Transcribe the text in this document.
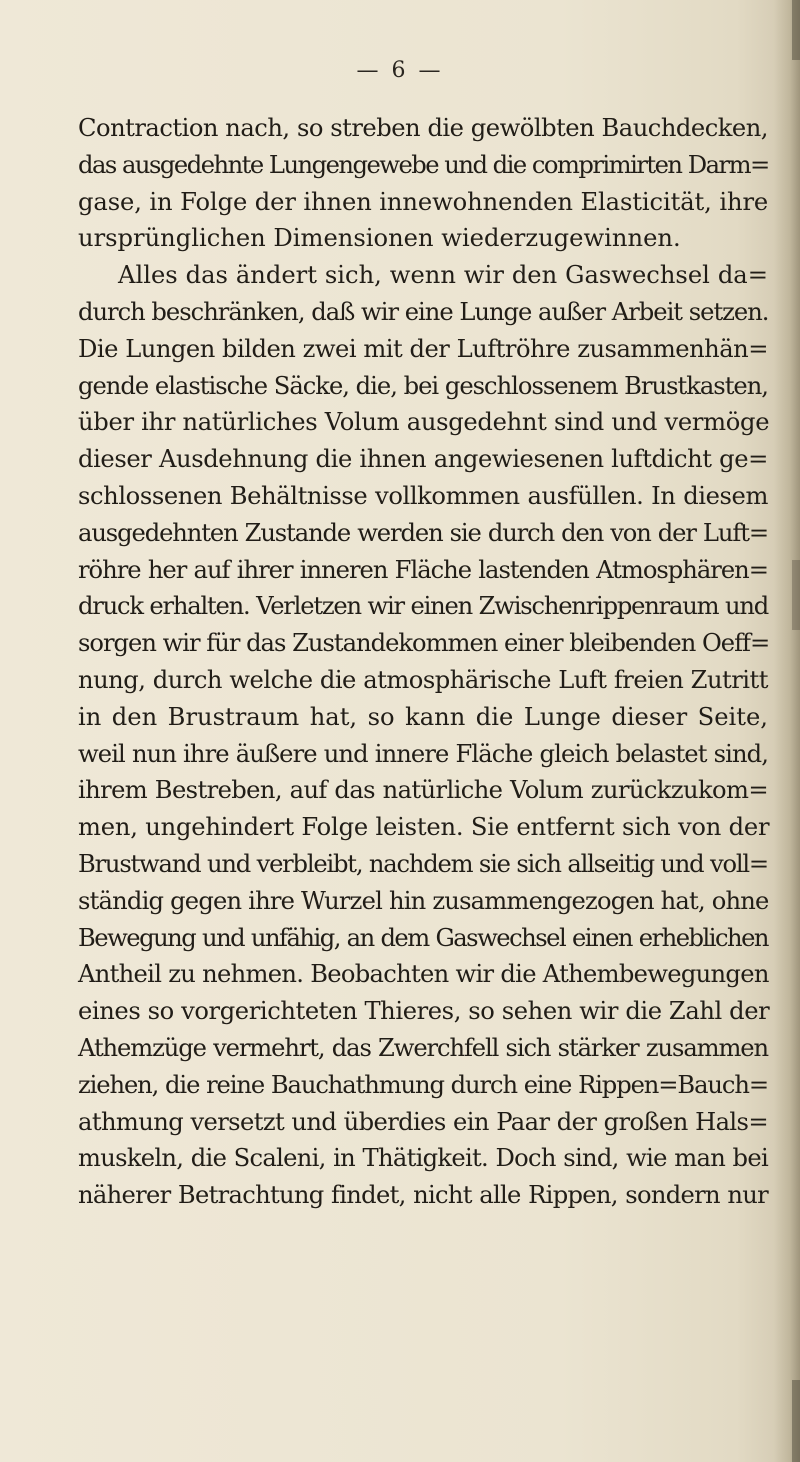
— 6 —
Contraction nach, so streben die gewölbten Bauchdecken,
das ausgedehnte Lungengewebe und die comprimirten Darm=
gase, in Folge der ihnen innewohnenden Elasticität, ihre
ursprünglichen Dimensionen wiederzugewinnen.
Alles das ändert sich, wenn wir den Gaswechsel da=
durch beschränken, daß wir eine Lunge außer Arbeit setzen.
Die Lungen bilden zwei mit der Luftröhre zusammenhän=
gende elastische Säcke, die, bei geschlossenem Brustkasten,
über ihr natürliches Volum ausgedehnt sind und vermöge
dieser Ausdehnung die ihnen angewiesenen luftdicht ge=
schlossenen Behältnisse vollkommen ausfüllen. In diesem
ausgedehnten Zustande werden sie durch den von der Luft=
röhre her auf ihrer inneren Fläche lastenden Atmosphären=
druck erhalten. Verletzen wir einen Zwischenrippenraum und
sorgen wir für das Zustandekommen einer bleibenden Oeff=
nung, durch welche die atmosphärische Luft freien Zutritt
in den Brustraum hat, so kann die Lunge dieser Seite,
weil nun ihre äußere und innere Fläche gleich belastet sind,
ihrem Bestreben, auf das natürliche Volum zurückzukom=
men, ungehindert Folge leisten. Sie entfernt sich von der
Brustwand und verbleibt, nachdem sie sich allseitig und voll=
ständig gegen ihre Wurzel hin zusammengezogen hat, ohne
Bewegung und unfähig, an dem Gaswechsel einen erheblichen
Antheil zu nehmen. Beobachten wir die Athembewegungen
eines so vorgerichteten Thieres, so sehen wir die Zahl der
Athemzüge vermehrt, das Zwerchfell sich stärker zusammen
ziehen, die reine Bauchathmung durch eine Rippen=Bauch=
athmung versetzt und überdies ein Paar der großen Hals=
muskeln, die Scaleni, in Thätigkeit. Doch sind, wie man bei
näherer Betrachtung findet, nicht alle Rippen, sondern nur
